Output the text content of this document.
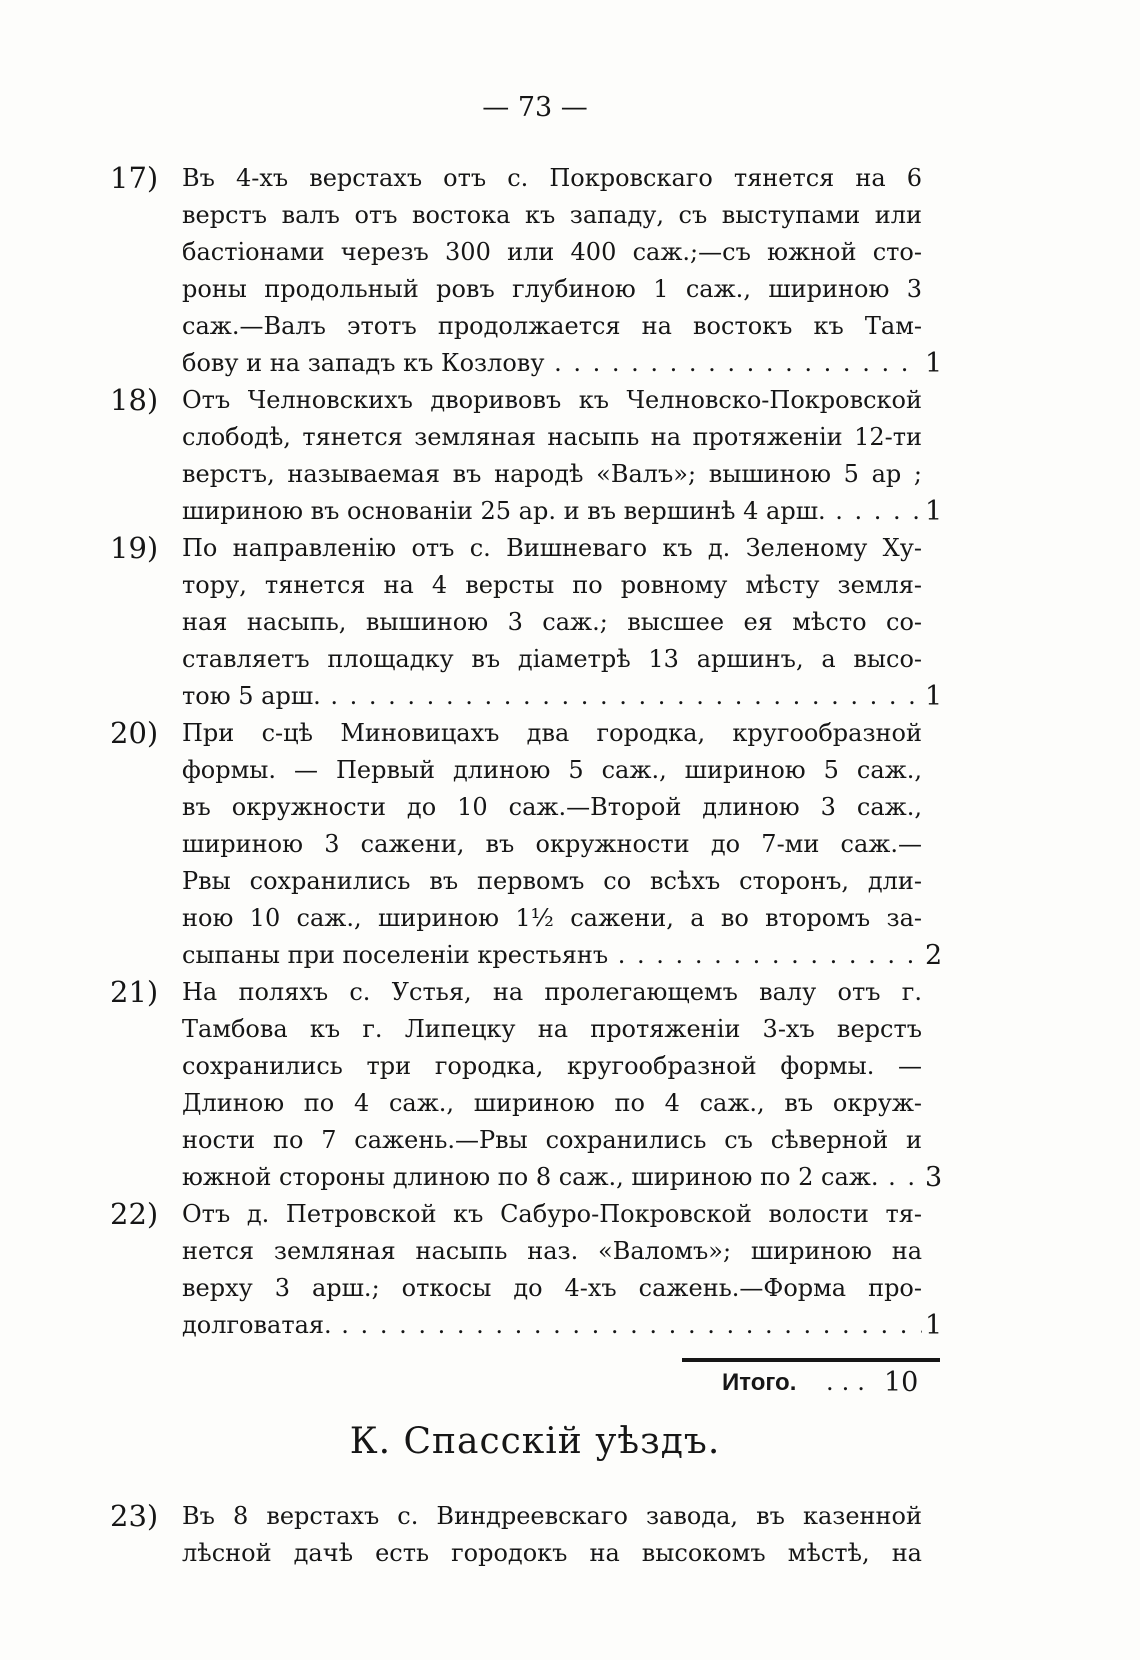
— 73 —
17) Въ 4-хъ верстахъ отъ с. Покровскаго тянется на 6
верстъ валъ отъ востока къ западу, съ выступами или
бастіонами черезъ 300 или 400 саж.;—съ южной сто-
роны продольный ровъ глубиною 1 саж., шириною 3
саж.—Валъ этотъ продолжается на востокъ къ Там-
бову и на западъ къ Козлову . . .	1
18) Отъ Челновскихъ дворивовъ къ Челновско-Покровской
слободѣ, тянется земляная насыпь на протяженіи 12-ти
верстъ, называемая въ народѣ «Валъ»; вышиною 5 ар ;
шириною въ основаніи 25 ар. и въ вершинѣ 4 арш. . . .	1
19) По направленію отъ с. Вишневаго къ д. Зеленому Ху-
тору, тянется на 4 версты по ровному мѣсту земля-
ная насыпь, вышиною 3 саж.; высшее ея мѣсто со-
ставляетъ площадку въ діаметрѣ 13 аршинъ, а высо-
тою 5 арш. . . .	1
20) При с-цѣ Миновицахъ два городка, кругообразной
формы. — Первый длиною 5 саж., шириною 5 саж.,
въ окружности до 10 саж.—Второй длиною 3 саж.,
шириною 3 сажени, въ окружности до 7-ми саж.—
Рвы сохранились въ первомъ со всѣхъ сторонъ, дли-
ною 10 саж., шириною 1½ сажени, а во второмъ за-
сыпаны при поселеніи крестьянъ . . .	2
21) На поляхъ с. Устья, на пролегающемъ валу отъ г.
Тамбова къ г. Липецку на протяженіи 3-хъ верстъ
сохранились три городка, кругообразной формы. —
Длиною по 4 саж., шириною по 4 саж., въ окруж-
ности по 7 сажень.—Рвы сохранились съ сѣверной и
южной стороны длиною по 8 саж., шириною по 2 саж. . . .	3
22) Отъ д. Петровской къ Сабуро-Покровской волости тя-
нется земляная насыпь наз. «Валомъ»; шириною на
верху 3 арш.; откосы до 4-хъ сажень.—Форма про-
долговатая. . . .	1
Итого. ... 10
К. Спасскій уѣздъ.
23) Въ 8 верстахъ с. Виндреевскаго завода, въ казенной
лѣсной дачѣ есть городокъ на высокомъ мѣстѣ, на
